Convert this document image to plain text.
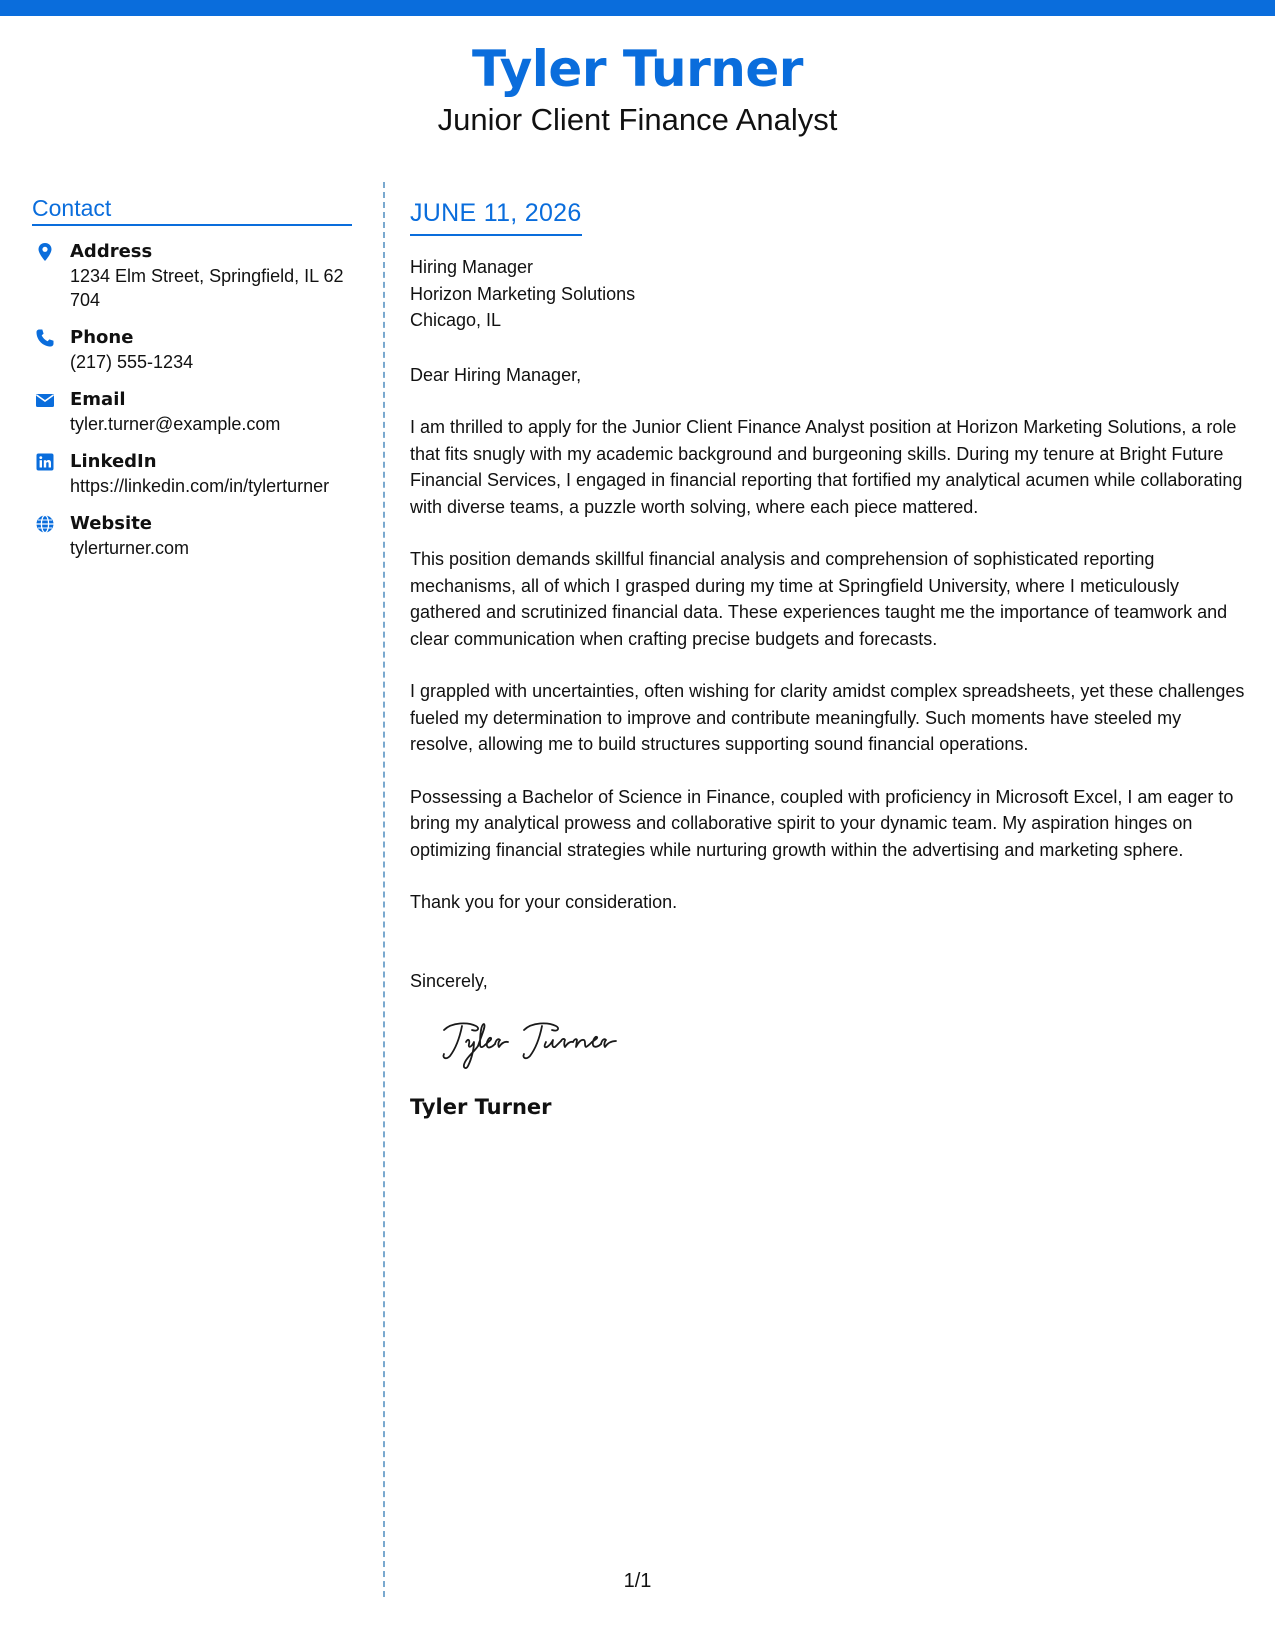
Tyler Turner
Junior Client Finance Analyst
Contact
Address
1234 Elm Street, Springfield, IL 62704
Phone
(217) 555-1234
Email
tyler.turner@example.com
LinkedIn
https://linkedin.com/in/tylerturner
Website
tylerturner.com
JUNE 11, 2026
Hiring Manager
Horizon Marketing Solutions
Chicago, IL
Dear Hiring Manager,

I am thrilled to apply for the Junior Client Finance Analyst position at Horizon Marketing Solutions, a role that fits snugly with my academic background and burgeoning skills. During my tenure at Bright Future Financial Services, I engaged in financial reporting that fortified my analytical acumen while collaborating with diverse teams, a puzzle worth solving, where each piece mattered.

This position demands skillful financial analysis and comprehension of sophisticated reporting mechanisms, all of which I grasped during my time at Springfield University, where I meticulously gathered and scrutinized financial data. These experiences taught me the importance of teamwork and clear communication when crafting precise budgets and forecasts.

I grappled with uncertainties, often wishing for clarity amidst complex spreadsheets, yet these challenges fueled my determination to improve and contribute meaningfully. Such moments have steeled my resolve, allowing me to build structures supporting sound financial operations.

Possessing a Bachelor of Science in Finance, coupled with proficiency in Microsoft Excel, I am eager to bring my analytical prowess and collaborative spirit to your dynamic team. My aspiration hinges on optimizing financial strategies while nurturing growth within the advertising and marketing sphere.

Thank you for your consideration.

Sincerely,
Tyler Turner
1/1
